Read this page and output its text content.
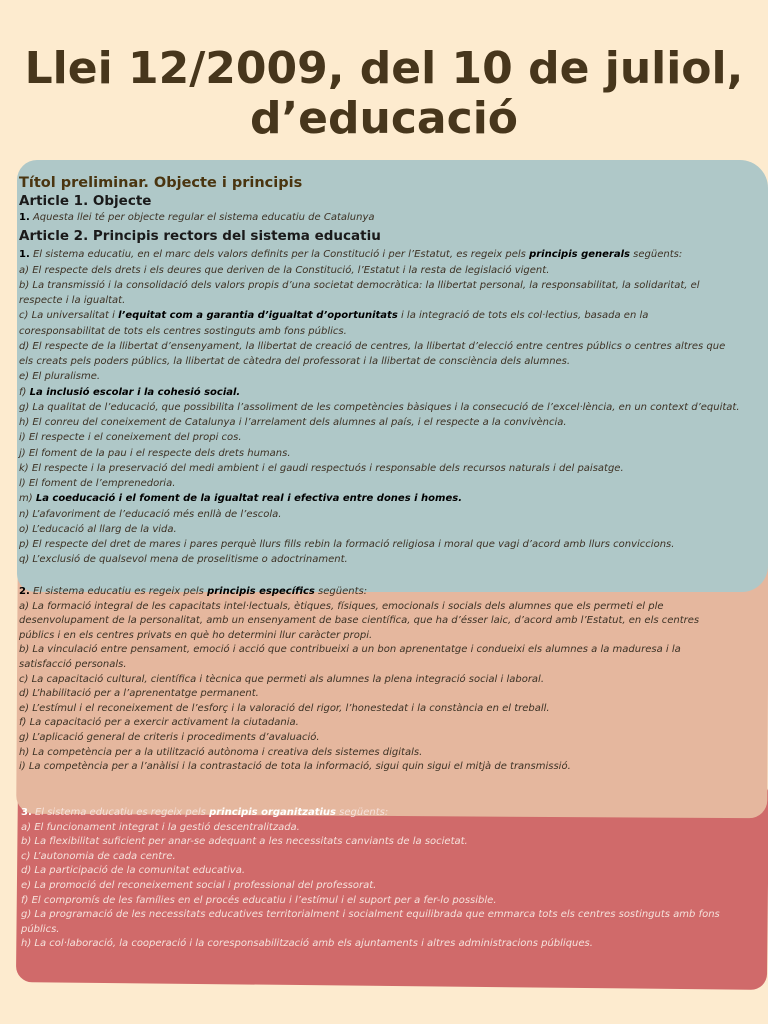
Llei 12/2009, del 10 de juliol,
d’educació

Títol preliminar. Objecte i principis

Article 1. Objecte

1. Aquesta llei té per objecte regular el sistema educatiu de Catalunya

Article 2. Principis rectors del sistema educatiu

1. El sistema educatiu, en el marc dels valors definits per la Constitució i per l’Estatut, es regeix pels principis generals següents:

a) El respecte dels drets i els deures que deriven de la Constitució, l’Estatut i la resta de legislació vigent.

b) La transmissió i la consolidació dels valors propis d’una societat democràtica: la llibertat personal, la responsabilitat, la solidaritat, el respecte i la igualtat.

c) La universalitat i l’equitat com a garantia d’igualtat d’oportunitats i la integració de tots els col·lectius, basada en la coresponsabilitat de tots els centres sostinguts amb fons públics.

d) El respecte de la llibertat d’ensenyament, la llibertat de creació de centres, la llibertat d’elecció entre centres públics o centres altres que els creats pels poders públics, la llibertat de càtedra del professorat i la llibertat de consciència dels alumnes.

e) El pluralisme.

f) La inclusió escolar i la cohesió social.

g) La qualitat de l’educació, que possibilita l’assoliment de les competències bàsiques i la consecució de l’excel·lència, en un context d’equitat.

h) El conreu del coneixement de Catalunya i l’arrelament dels alumnes al país, i el respecte a la convivència.

i) El respecte i el coneixement del propi cos.

j) El foment de la pau i el respecte dels drets humans.

k) El respecte i la preservació del medi ambient i el gaudi respectuós i responsable dels recursos naturals i del paisatge.

l) El foment de l’emprenedoria.

m) La coeducació i el foment de la igualtat real i efectiva entre dones i homes.

n) L’afavoriment de l’educació més enllà de l’escola.

o) L’educació al llarg de la vida.

p) El respecte del dret de mares i pares perquè llurs fills rebin la formació religiosa i moral que vagi d’acord amb llurs conviccions.

q) L’exclusió de qualsevol mena de proselitisme o adoctrinament.

2. El sistema educatiu es regeix pels principis específics següents:

a) La formació integral de les capacitats intel·lectuals, ètiques, físiques, emocionals i socials dels alumnes que els permeti el ple desenvolupament de la personalitat, amb un ensenyament de base científica, que ha d’ésser laic, d’acord amb l’Estatut, en els centres públics i en els centres privats en què ho determini llur caràcter propi.

b) La vinculació entre pensament, emoció i acció que contribueixi a un bon aprenentatge i condueixi els alumnes a la maduresa i la satisfacció personals.

c) La capacitació cultural, científica i tècnica que permeti als alumnes la plena integració social i laboral.

d) L’habilitació per a l’aprenentatge permanent.

e) L’estímul i el reconeixement de l’esforç i la valoració del rigor, l’honestedat i la constància en el treball.

f) La capacitació per a exercir activament la ciutadania.

g) L’aplicació general de criteris i procediments d’avaluació.

h) La competència per a la utilització autònoma i creativa dels sistemes digitals.

i) La competència per a l’anàlisi i la contrastació de tota la informació, sigui quin sigui el mitjà de transmissió.

3. El sistema educatiu es regeix pels principis organitzatius següents:

a) El funcionament integrat i la gestió descentralitzada.

b) La flexibilitat suficient per anar-se adequant a les necessitats canviants de la societat.

c) L’autonomia de cada centre.

d) La participació de la comunitat educativa.

e) La promoció del reconeixement social i professional del professorat.

f) El compromís de les famílies en el procés educatiu i l’estímul i el suport per a fer-lo possible.

g) La programació de les necessitats educatives territorialment i socialment equilibrada que emmarca tots els centres sostinguts amb fons públics.

h) La col·laboració, la cooperació i la coresponsabilització amb els ajuntaments i altres administracions públiques.
